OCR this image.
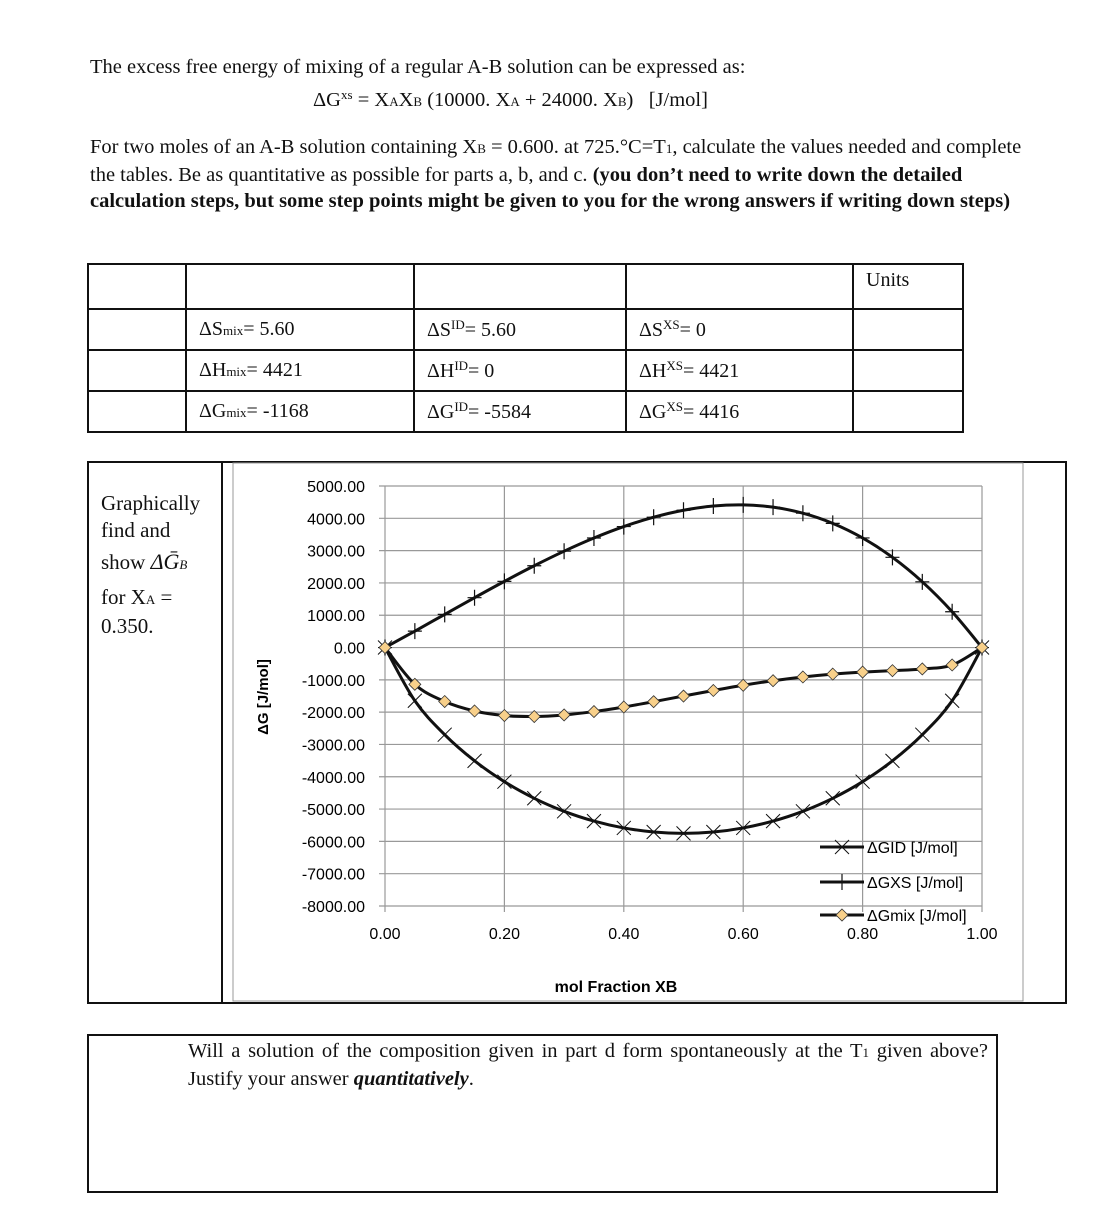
The excess free energy of mixing of a regular A-B solution can be expressed as:
$\Delta G^{xs}$ = XAXB (10000. XA + 24000. XB) [J/mol]
For two moles of an A-B solution containing XB = 0.600. at 725.°C=T1, calculate the values needed and complete the tables. Be as quantitative as possible for parts a, b, and c. (you don’t need to write down the detailed calculation steps, but some step points might be given to you for the wrong answers if writing down steps)
				Units
	ΔSmix= 5.60	$\Delta S^{ID}= 5.60$	$\Delta S^{XS}= 0$	
	ΔHmix= 4421	$\Delta H^{ID}= 0$	$\Delta H^{XS}= 4421$	
	ΔGmix= -1168	$\Delta G^{ID}= -5584$	$\Delta G^{XS}= 4416$	
Graphically
find and
show ΔḠB
for XA =
0.350.
5000.00
4000.00
3000.00
2000.00
1000.00
0.00
-1000.00
-2000.00
-3000.00
-4000.00
-5000.00
-6000.00
-7000.00
-8000.00
0.00	0.20	0.40	0.60	0.80	1.00
ΔGID [J/mol]
ΔGXS [J/mol]
ΔGmix [J/mol]
ΔG [J/mol]
mol Fraction XB
Will a solution of the composition given in part d form spontaneously at the T1 given above? Justify your answer quantitatively.
